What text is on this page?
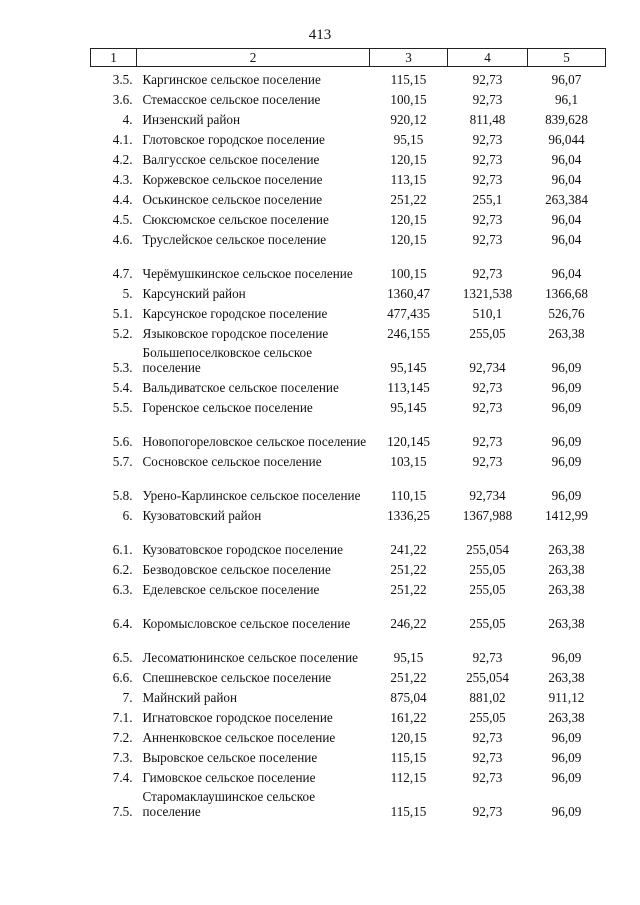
413
1	2	3	4	5
3.5.	Каргинское сельское поселение	115,15	92,73	96,07
3.6.	Стемасское сельское поселение	100,15	92,73	96,1
4.	Инзенский район	920,12	811,48	839,628
4.1.	Глотовское городское поселение	95,15	92,73	96,044
4.2.	Валгусское сельское поселение	120,15	92,73	96,04
4.3.	Коржевское сельское поселение	113,15	92,73	96,04
4.4.	Оськинское сельское поселение	251,22	255,1	263,384
4.5.	Сюксюмское сельское поселение	120,15	92,73	96,04
4.6.	Труслейское сельское поселение	120,15	92,73	96,04
4.7.	Черёмушкинское сельское поселение	100,15	92,73	96,04
5.	Карсунский район	1360,47	1321,538	1366,68
5.1.	Карсунское городское поселение	477,435	510,1	526,76
5.2.	Языковское городское поселение	246,155	255,05	263,38
5.3.	Большепоселковское сельское поселение	95,145	92,734	96,09
5.4.	Вальдиватское сельское поселение	113,145	92,73	96,09
5.5.	Горенское сельское поселение	95,145	92,73	96,09
5.6.	Новопогореловское сельское поселение	120,145	92,73	96,09
5.7.	Сосновское сельское поселение	103,15	92,73	96,09
5.8.	Урено-Карлинское сельское поселение	110,15	92,734	96,09
6.	Кузоватовский район	1336,25	1367,988	1412,99
6.1.	Кузоватовское городское поселение	241,22	255,054	263,38
6.2.	Безводовское сельское поселение	251,22	255,05	263,38
6.3.	Еделевское сельское поселение	251,22	255,05	263,38
6.4.	Коромысловское сельское поселение	246,22	255,05	263,38
6.5.	Лесоматюнинское сельское поселение	95,15	92,73	96,09
6.6.	Спешневское сельское поселение	251,22	255,054	263,38
7.	Майнский район	875,04	881,02	911,12
7.1.	Игнатовское городское поселение	161,22	255,05	263,38
7.2.	Анненковское сельское поселение	120,15	92,73	96,09
7.3.	Выровское сельское поселение	115,15	92,73	96,09
7.4.	Гимовское сельское поселение	112,15	92,73	96,09
7.5.	Старомаклаушинское сельское поселение	115,15	92,73	96,09
